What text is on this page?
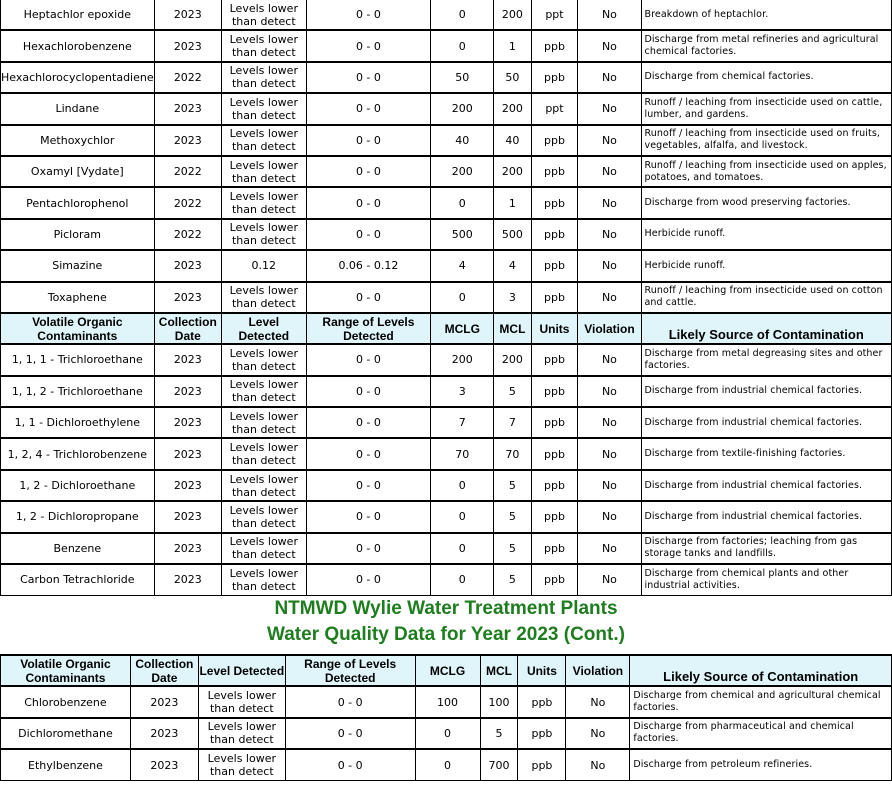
Heptachlor epoxide	2023	Levels lower than detect	0 - 0	0	200	ppt	No	Breakdown of heptachlor.
Hexachlorobenzene	2023	Levels lower than detect	0 - 0	0	1	ppb	No	Discharge from metal refineries and agricultural chemical factories.
Hexachlorocyclopentadiene	2022	Levels lower than detect	0 - 0	50	50	ppb	No	Discharge from chemical factories.
Lindane	2023	Levels lower than detect	0 - 0	200	200	ppt	No	Runoff / leaching from insecticide used on cattle, lumber, and gardens.
Methoxychlor	2023	Levels lower than detect	0 - 0	40	40	ppb	No	Runoff / leaching from insecticide used on fruits, vegetables, alfalfa, and livestock.
Oxamyl [Vydate]	2022	Levels lower than detect	0 - 0	200	200	ppb	No	Runoff / leaching from insecticide used on apples, potatoes, and tomatoes.
Pentachlorophenol	2022	Levels lower than detect	0 - 0	0	1	ppb	No	Discharge from wood preserving factories.
Picloram	2022	Levels lower than detect	0 - 0	500	500	ppb	No	Herbicide runoff.
Simazine	2023	0.12	0.06 - 0.12	4	4	ppb	No	Herbicide runoff.
Toxaphene	2023	Levels lower than detect	0 - 0	0	3	ppb	No	Runoff / leaching from insecticide used on cotton and cattle.
Volatile Organic Contaminants	Collection Date	Level Detected	Range of Levels Detected	MCLG	MCL	Units	Violation	Likely Source of Contamination
1, 1, 1 - Trichloroethane	2023	Levels lower than detect	0 - 0	200	200	ppb	No	Discharge from metal degreasing sites and other factories.
1, 1, 2 - Trichloroethane	2023	Levels lower than detect	0 - 0	3	5	ppb	No	Discharge from industrial chemical factories.
1, 1 - Dichloroethylene	2023	Levels lower than detect	0 - 0	7	7	ppb	No	Discharge from industrial chemical factories.
1, 2, 4 - Trichlorobenzene	2023	Levels lower than detect	0 - 0	70	70	ppb	No	Discharge from textile-finishing factories.
1, 2 - Dichloroethane	2023	Levels lower than detect	0 - 0	0	5	ppb	No	Discharge from industrial chemical factories.
1, 2 - Dichloropropane	2023	Levels lower than detect	0 - 0	0	5	ppb	No	Discharge from industrial chemical factories.
Benzene	2023	Levels lower than detect	0 - 0	0	5	ppb	No	Discharge from factories; leaching from gas storage tanks and landfills.
Carbon Tetrachloride	2023	Levels lower than detect	0 - 0	0	5	ppb	No	Discharge from chemical plants and other industrial activities.
NTMWD Wylie Water Treatment Plants
Water Quality Data for Year 2023 (Cont.)
Volatile Organic Contaminants	Collection Date	Level Detected	Range of Levels Detected	MCLG	MCL	Units	Violation	Likely Source of Contamination
Chlorobenzene	2023	Levels lower than detect	0 - 0	100	100	ppb	No	Discharge from chemical and agricultural chemical factories.
Dichloromethane	2023	Levels lower than detect	0 - 0	0	5	ppb	No	Discharge from pharmaceutical and chemical factories.
Ethylbenzene	2023	Levels lower than detect	0 - 0	0	700	ppb	No	Discharge from petroleum refineries.
